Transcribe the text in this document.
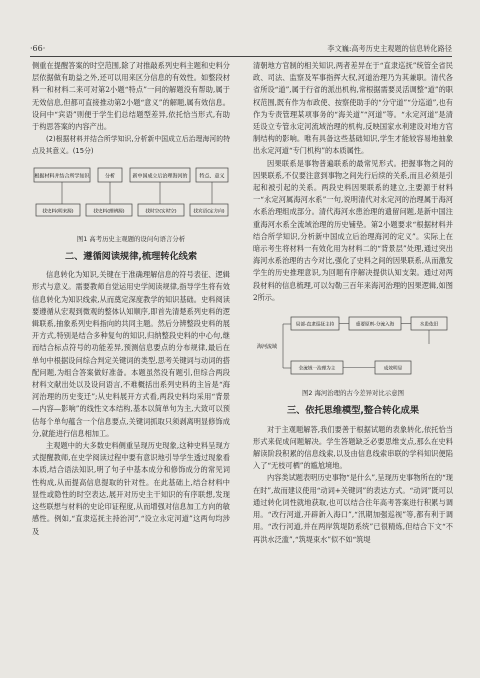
·66·	李文巍:高考历史主观题的信息转化路径

侧重在提醒答案的时空范围,除了对推敲系列史料主题和史料分层依据做有助益之外,还可以用来区分信息的有效性。如整段材料一和材料二来可对第2小题“特点”一问的解题没有帮助,属于无效信息,但都可直接推动第2小题“意义”的解题,属有效信息。设问中“宾语”则便于学生们总结题型差异,依托恰当形式,有助于构思答案的内容产出。

(2)根据材料并结合所学知识,分析新中国成立后治理海河的特点及其意义。(15分)

根据材料并结合所学知识	分析	新中国成立后治理海河的 特点、意义
找史料(明来源)	找史料(理辨源)	找时空(实时空)	找宾语(定方向)
图1 高考历史主观题的设问句语言分析
二、遵循阅读规律,梳理转化线索

信息转化为知识,关键在于准确理解信息的符号表征、逻辑形式与意义。需要教师自觉运用史学阅读规律,指导学生将有效信息转化为知识线索,从而奠定深度教学的知识基础。史料阅读要遵循从宏观到微观的整体认知顺序,即首先清楚系列史料的逻辑联系,抽象系列史料指向的共同主题。然后分辨整段史料的展开方式,特别是结合多种复句的知识,归纳整段史料的中心句,继而结合标点符号的功能差异,预测信息要点的分布规律,最后在单句中根据设问综合判定关键词的类型,思考关键词与动词的搭配问题,为组合答案做好准备。本题虽然没有题引,但综合两段材料文献出处以及设问语言,不难概括出系列史料的主旨是“海河治理的历史变迁”;从史料展开方式看,两段史料均采用“背景—内容—影响”的线性文本结构,基本以简单句为主,大致可以预估每个单句蕴含一个信息要点,关键词抓取只须剥离明显修饰成分,就能进行信息相加工。

主观题中的大多数史料侧重呈现历史现象,这种史料呈现方式提醒教师,在史学阅读过程中要有意识地引导学生透过现象看本质,结合语法知识,明了句子中基本成分和修饰成分的常见词性构成,从而提高信息提取的针对性。在此基础上,结合材料中显性或隐性的时空表达,展开对历史主干知识的有序联想,发现这些联想与材料的史论印证程度,从而增强对信息加工方向的敏感性。例如,“直隶巡抚主持治河”,“设立永定河道”这两句均涉及

清朝地方官制的相关知识,两者差异在于“直隶巡抚”统管全省民政、司法、监察及军事指挥大权,河道治理乃为其兼职。清代各省所设“道”,属于行省的派出机构,常根据需要灵活调整“道”的职权范围,既有作为布政使、按察使助手的“分守道”“分巡道”,也有作为专责管理某项事务的“海关道”“河道”等。“永定河道”是清廷设立专管永定河流域治理的机构,反映国家水利建设对地方官制结构的影响。唯有具备这些基础知识,学生才能较容易地抽象出永定河道“专门机构”的本质属性。

因果联系是事物普遍联系的最常见形式。把握事物之间的因果联系,不仅要注意到事物之间先行后续的关系,而且必须是引起和被引起的关系。两段史料因果联系的建立,主要源于材料一“永定河属海河水系”一句,说明清代对永定河的治理属于海河水系治理组成部分。清代海河水患治理的遗留问题,是新中国注重海河水系全流域治理的历史铺垫。第2小题要求“根据材料并结合所学知识,分析新中国成立后治理海河的定义”。实际上在暗示考生将材料一有效化用为材料二的“背景层”处理,通过突出海河水系治理的古今对比,强化了史料之间的因果联系,从而激发学生的历史推理意识,为回题有序解决提供认知支架。通过对两段材料的信息梳理,可以勾勒三百年来海河治理的因果逻辑,如图2所示。

海河流域
局部-直隶巡抚主持	重要原则-分流入海	水患依旧
全流域一治理为主	成效明显
图2 海河治理的古今差异对比示意图
三、依托思维模型,整合转化成果

对于主观题解答,我们要善于根据试题的表象转化,依托恰当形式来促成问题解决。学生答题缺乏必要思维支点,那么在史料解读阶段积累的信息线索,以及由信息线索串联的学科知识便陷入了“无枝可栖”的尴尬境地。

内容类试题表明历史事物“是什么”,呈现历史事物所在的“现在时”,故而建议使用“动词+关键词”的表达方式。“动词”既可以通过转化词性就地获取,也可以结合往年高考答案进行积累与调用。“改行河道,开辟新入海口”,“汛期加强巡视”等,都有利于调用。“改行河道,并在两岸筑堤防系统”已很精炼,但结合下文“不再洪水泛滥”,“筑堤束水”似不如“筑堤
